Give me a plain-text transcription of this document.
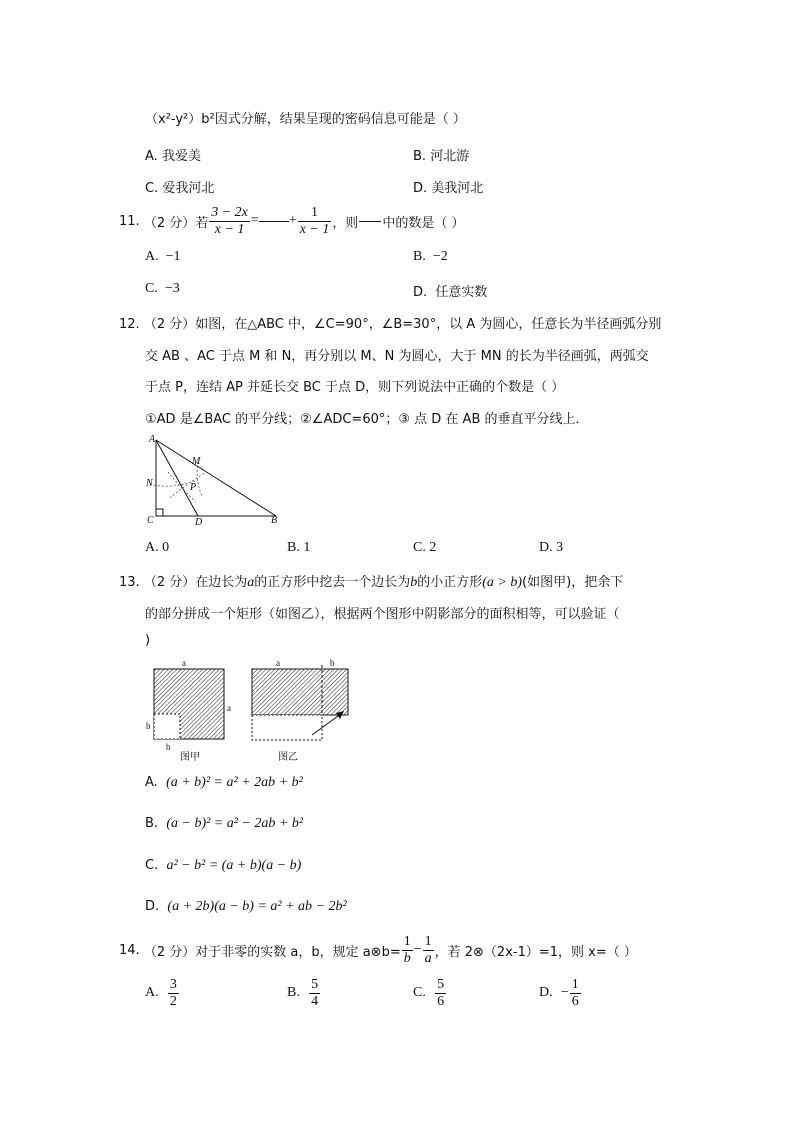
（x²-y²）b²因式分解，结果呈现的密码信息可能是（ ）
A. 我爱美	B. 河北游
C. 爱我河北	D. 美我河北
11.
（2 分）若 $\frac{3 - 2x}{x - 1}$ = + $\frac{1}{x - 1}$ ，则 中的数是（ ）
A. −1	B. −2
C. −3	D. 任意实数
12. （2 分）如图，在△ABC 中，∠C=90°，∠B=30°，以 A 为圆心，任意长为半径画弧分别
交 AB 、AC 于点 M 和 N，再分别以 M、N 为圆心，大于 MN 的长为半径画弧，两弧交
于点 P，连结 AP 并延长交 BC 于点 D，则下列说法中正确的个数是（ ）
①AD 是∠BAC 的平分线；②∠ADC=60°；③ 点 D 在 AB 的垂直平分线上．
A
N
M
P
C	D	B
A. 0	B. 1	C. 2	D. 3
13. （2 分）在边长为a的正方形中挖去一个边长为b的小正方形(a > b)(如图甲)，把余下
的部分拼成一个矩形（如图乙），根据两个图形中阴影部分的面积相等，可以验证（
)
a
a
b
b
a	b
图甲	图乙
A. (a + b)² = a² + 2ab + b²
B. (a − b)² = a² − 2ab + b²
C. a² − b² = (a + b)(a − b)
D. (a + 2b)(a − b) = a² + ab − 2b²
14.
（2 分）对于非零的实数 a，b，规定 a⊗b= $\frac{1}{b} - \frac{1}{a}$ ，若 2⊗（2x-1）=1，则 x=（ ）
A.
$\frac{3}{2}$	B.
$\frac{5}{4}$	C.
$\frac{5}{6}$	D.
− $\frac{1}{6}$
